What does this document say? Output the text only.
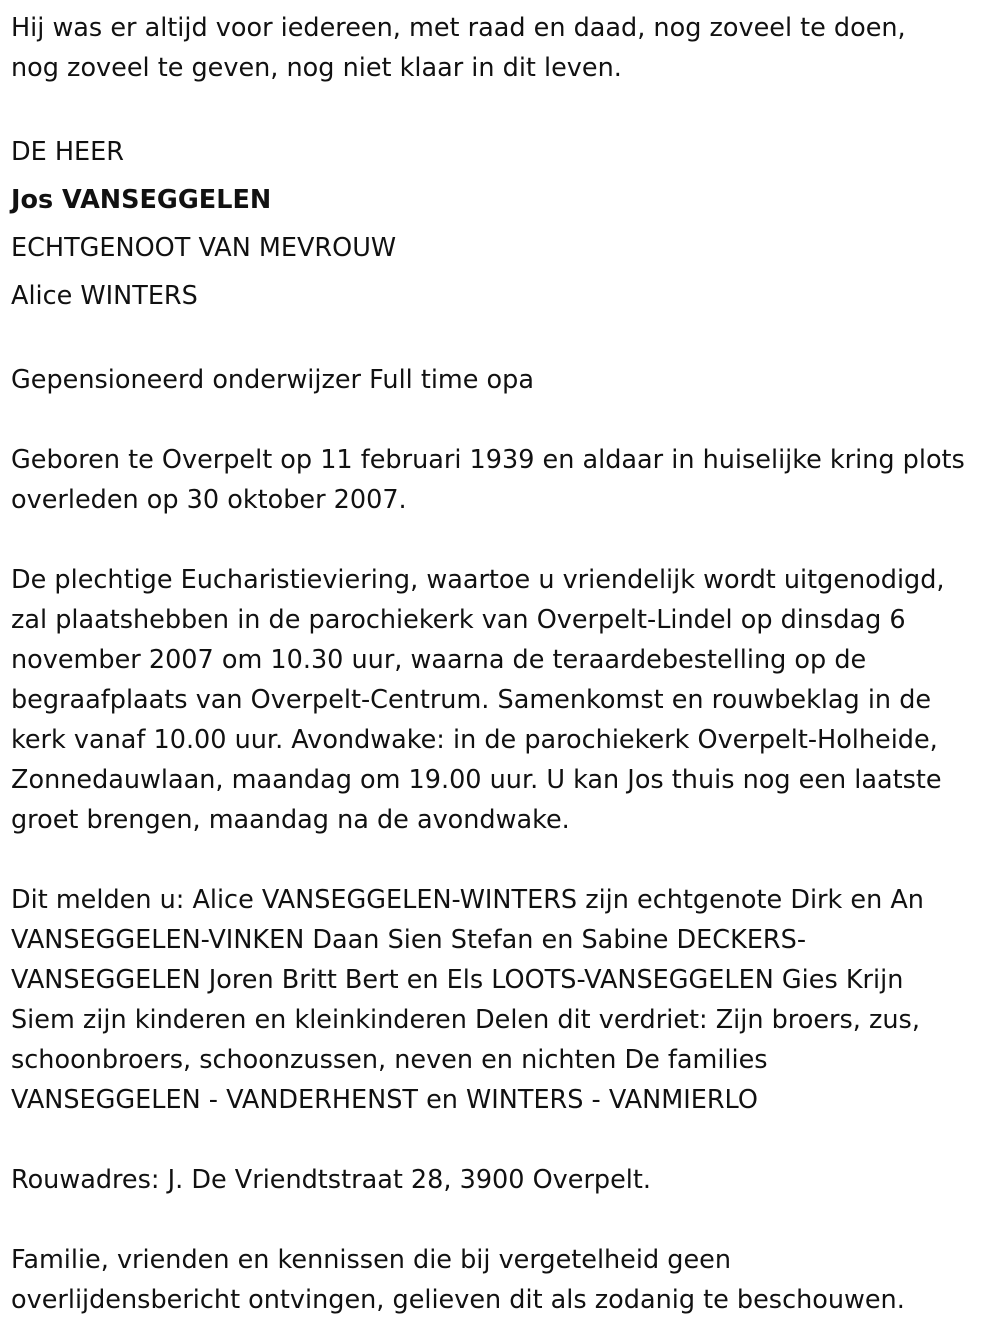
Hij was er altijd voor iedereen, met raad en daad, nog zoveel te doen,
nog zoveel te geven, nog niet klaar in dit leven.

DE HEER

Jos VANSEGGELEN

ECHTGENOOT VAN MEVROUW

Alice WINTERS

Gepensioneerd onderwijzer Full time opa

Geboren te Overpelt op 11 februari 1939 en aldaar in huiselijke kring plots
overleden op 30 oktober 2007.

De plechtige Eucharistieviering, waartoe u vriendelijk wordt uitgenodigd,
zal plaatshebben in de parochiekerk van Overpelt-Lindel op dinsdag 6
november 2007 om 10.30 uur, waarna de teraardebestelling op de
begraafplaats van Overpelt-Centrum. Samenkomst en rouwbeklag in de
kerk vanaf 10.00 uur. Avondwake: in de parochiekerk Overpelt-Holheide,
Zonnedauwlaan, maandag om 19.00 uur. U kan Jos thuis nog een laatste
groet brengen, maandag na de avondwake.

Dit melden u: Alice VANSEGGELEN-WINTERS zijn echtgenote Dirk en An
VANSEGGELEN-VINKEN Daan Sien Stefan en Sabine DECKERS-
VANSEGGELEN Joren Britt Bert en Els LOOTS-VANSEGGELEN Gies Krijn
Siem zijn kinderen en kleinkinderen Delen dit verdriet: Zijn broers, zus,
schoonbroers, schoonzussen, neven en nichten De families
VANSEGGELEN - VANDERHENST en WINTERS - VANMIERLO

Rouwadres: J. De Vriendtstraat 28, 3900 Overpelt.

Familie, vrienden en kennissen die bij vergetelheid geen
overlijdensbericht ontvingen, gelieven dit als zodanig te beschouwen.
